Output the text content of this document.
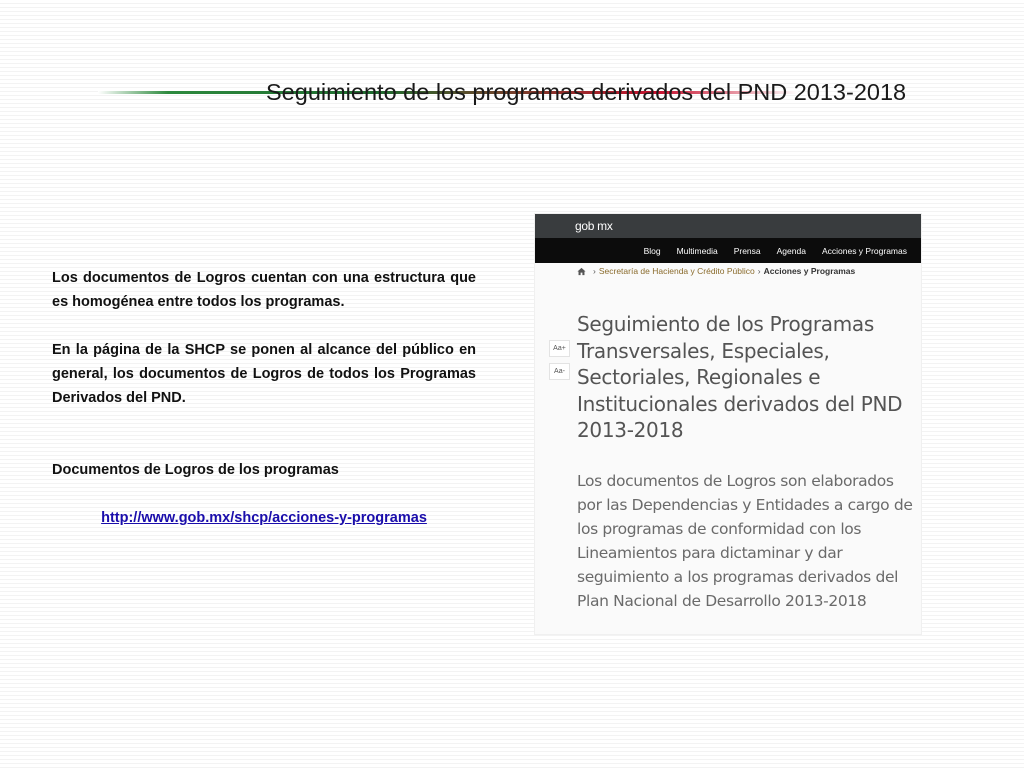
Seguimiento de los programas derivados del PND 2013-2018

Los documentos de Logros cuentan con una estructura que es homogénea entre todos los programas.

En la página de la SHCP se ponen al alcance del público en general, los documentos de Logros de todos los Programas Derivados del PND.

Documentos de Logros de los programas

http://www.gob.mx/shcp/acciones-y-programas
gob mx
Blog Multimedia Prensa Agenda Acciones y Programas
› Secretaría de Hacienda y Crédito Público › Acciones y Programas
Aa+
Aa-
Seguimiento de los Programas Transversales, Especiales, Sectoriales, Regionales e Institucionales derivados del PND 2013-2018

Los documentos de Logros son elaborados por las Dependencias y Entidades a cargo de los programas de conformidad con los Lineamientos para dictaminar y dar seguimiento a los programas derivados del Plan Nacional de Desarrollo 2013-2018
